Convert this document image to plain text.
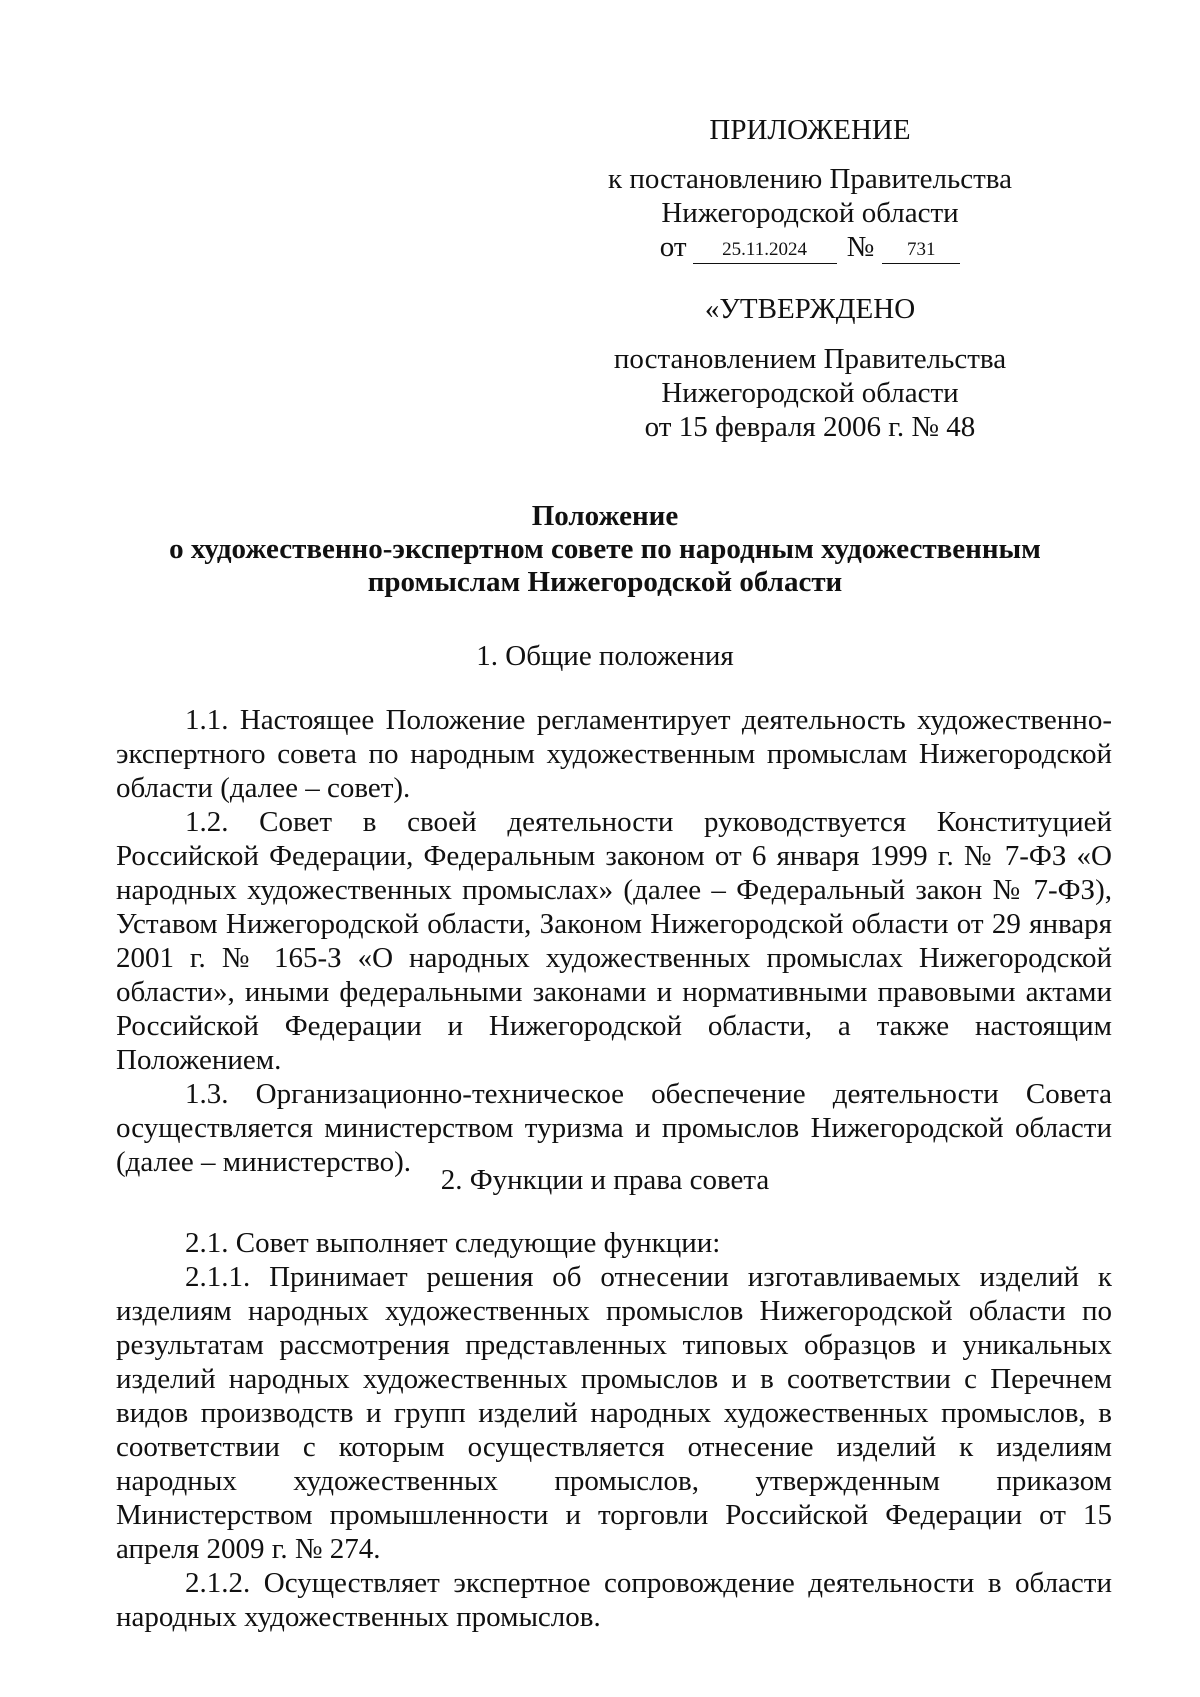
ПРИЛОЖЕНИЕ

к постановлению Правительства

Нижегородской области

от	25.11.2024	№	731

«УТВЕРЖДЕНО

постановлением Правительства

Нижегородской области

от 15 февраля 2006 г. № 48

Положение

о художественно-экспертном совете по народным художественным

промыслам Нижегородской области

1. Общие положения

1.1. Настоящее Положение регламентирует деятельность художественно-экспертного совета по народным художественным промыслам Нижегородской области (далее – совет).

1.2. Совет в своей деятельности руководствуется Конституцией Российской Федерации, Федеральным законом от 6 января 1999 г. № 7-ФЗ «О народных художественных промыслах» (далее – Федеральный закон № 7-ФЗ), Уставом Нижегородской области, Законом Нижегородской области от 29 января 2001 г. № 165-З «О народных художественных промыслах Нижегородской области», иными федеральными законами и нормативными правовыми актами Российской Федерации и Нижегородской области, а также настоящим Положением.

1.3. Организационно-техническое обеспечение деятельности Совета осуществляется министерством туризма и промыслов Нижегородской области (далее – министерство).

2. Функции и права совета

2.1. Совет выполняет следующие функции:

2.1.1. Принимает решения об отнесении изготавливаемых изделий к изделиям народных художественных промыслов Нижегородской области по результатам рассмотрения представленных типовых образцов и уникальных изделий народных художественных промыслов и в соответствии с Перечнем видов производств и групп изделий народных художественных промыслов, в соответствии с которым осуществляется отнесение изделий к изделиям народных художественных промыслов, утвержденным приказом Министерством промышленности и торговли Российской Федерации от 15 апреля 2009 г. № 274.

2.1.2. Осуществляет экспертное сопровождение деятельности в области народных художественных промыслов.
